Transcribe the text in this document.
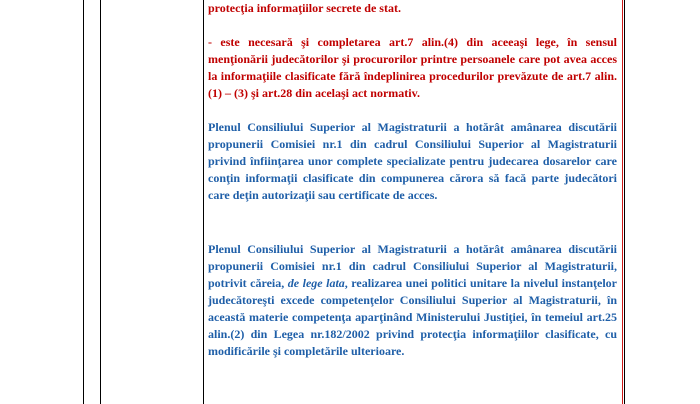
protecţia informaţiilor secrete de stat.

- este necesară şi completarea art.7 alin.(4) din aceeaşi lege, în sensul menţionării judecătorilor şi procurorilor printre persoanele care pot avea acces la informaţiile clasificate fără îndeplinirea procedurilor prevăzute de art.7 alin.(1) – (3) şi art.28 din acelaşi act normativ.

Plenul Consiliului Superior al Magistraturii a hotărât amânarea discutării propunerii Comisiei nr.1 din cadrul Consiliului Superior al Magistraturii privind înfiinţarea unor complete specializate pentru judecarea dosarelor care conţin informaţii clasificate din compunerea cărora să facă parte judecători care deţin autorizaţii sau certificate de acces.

Plenul Consiliului Superior al Magistraturii a hotărât amânarea discutării propunerii Comisiei nr.1 din cadrul Consiliului Superior al Magistraturii, potrivit căreia, de lege lata, realizarea unei politici unitare la nivelul instanţelor judecătoreşti excede competenţelor Consiliului Superior al Magistraturii, în această materie competenţa aparţinând Ministerului Justiţiei, în temeiul art.25 alin.(2) din Legea nr.182/2002 privind protecţia informaţiilor clasificate, cu modificările şi completările ulterioare.
